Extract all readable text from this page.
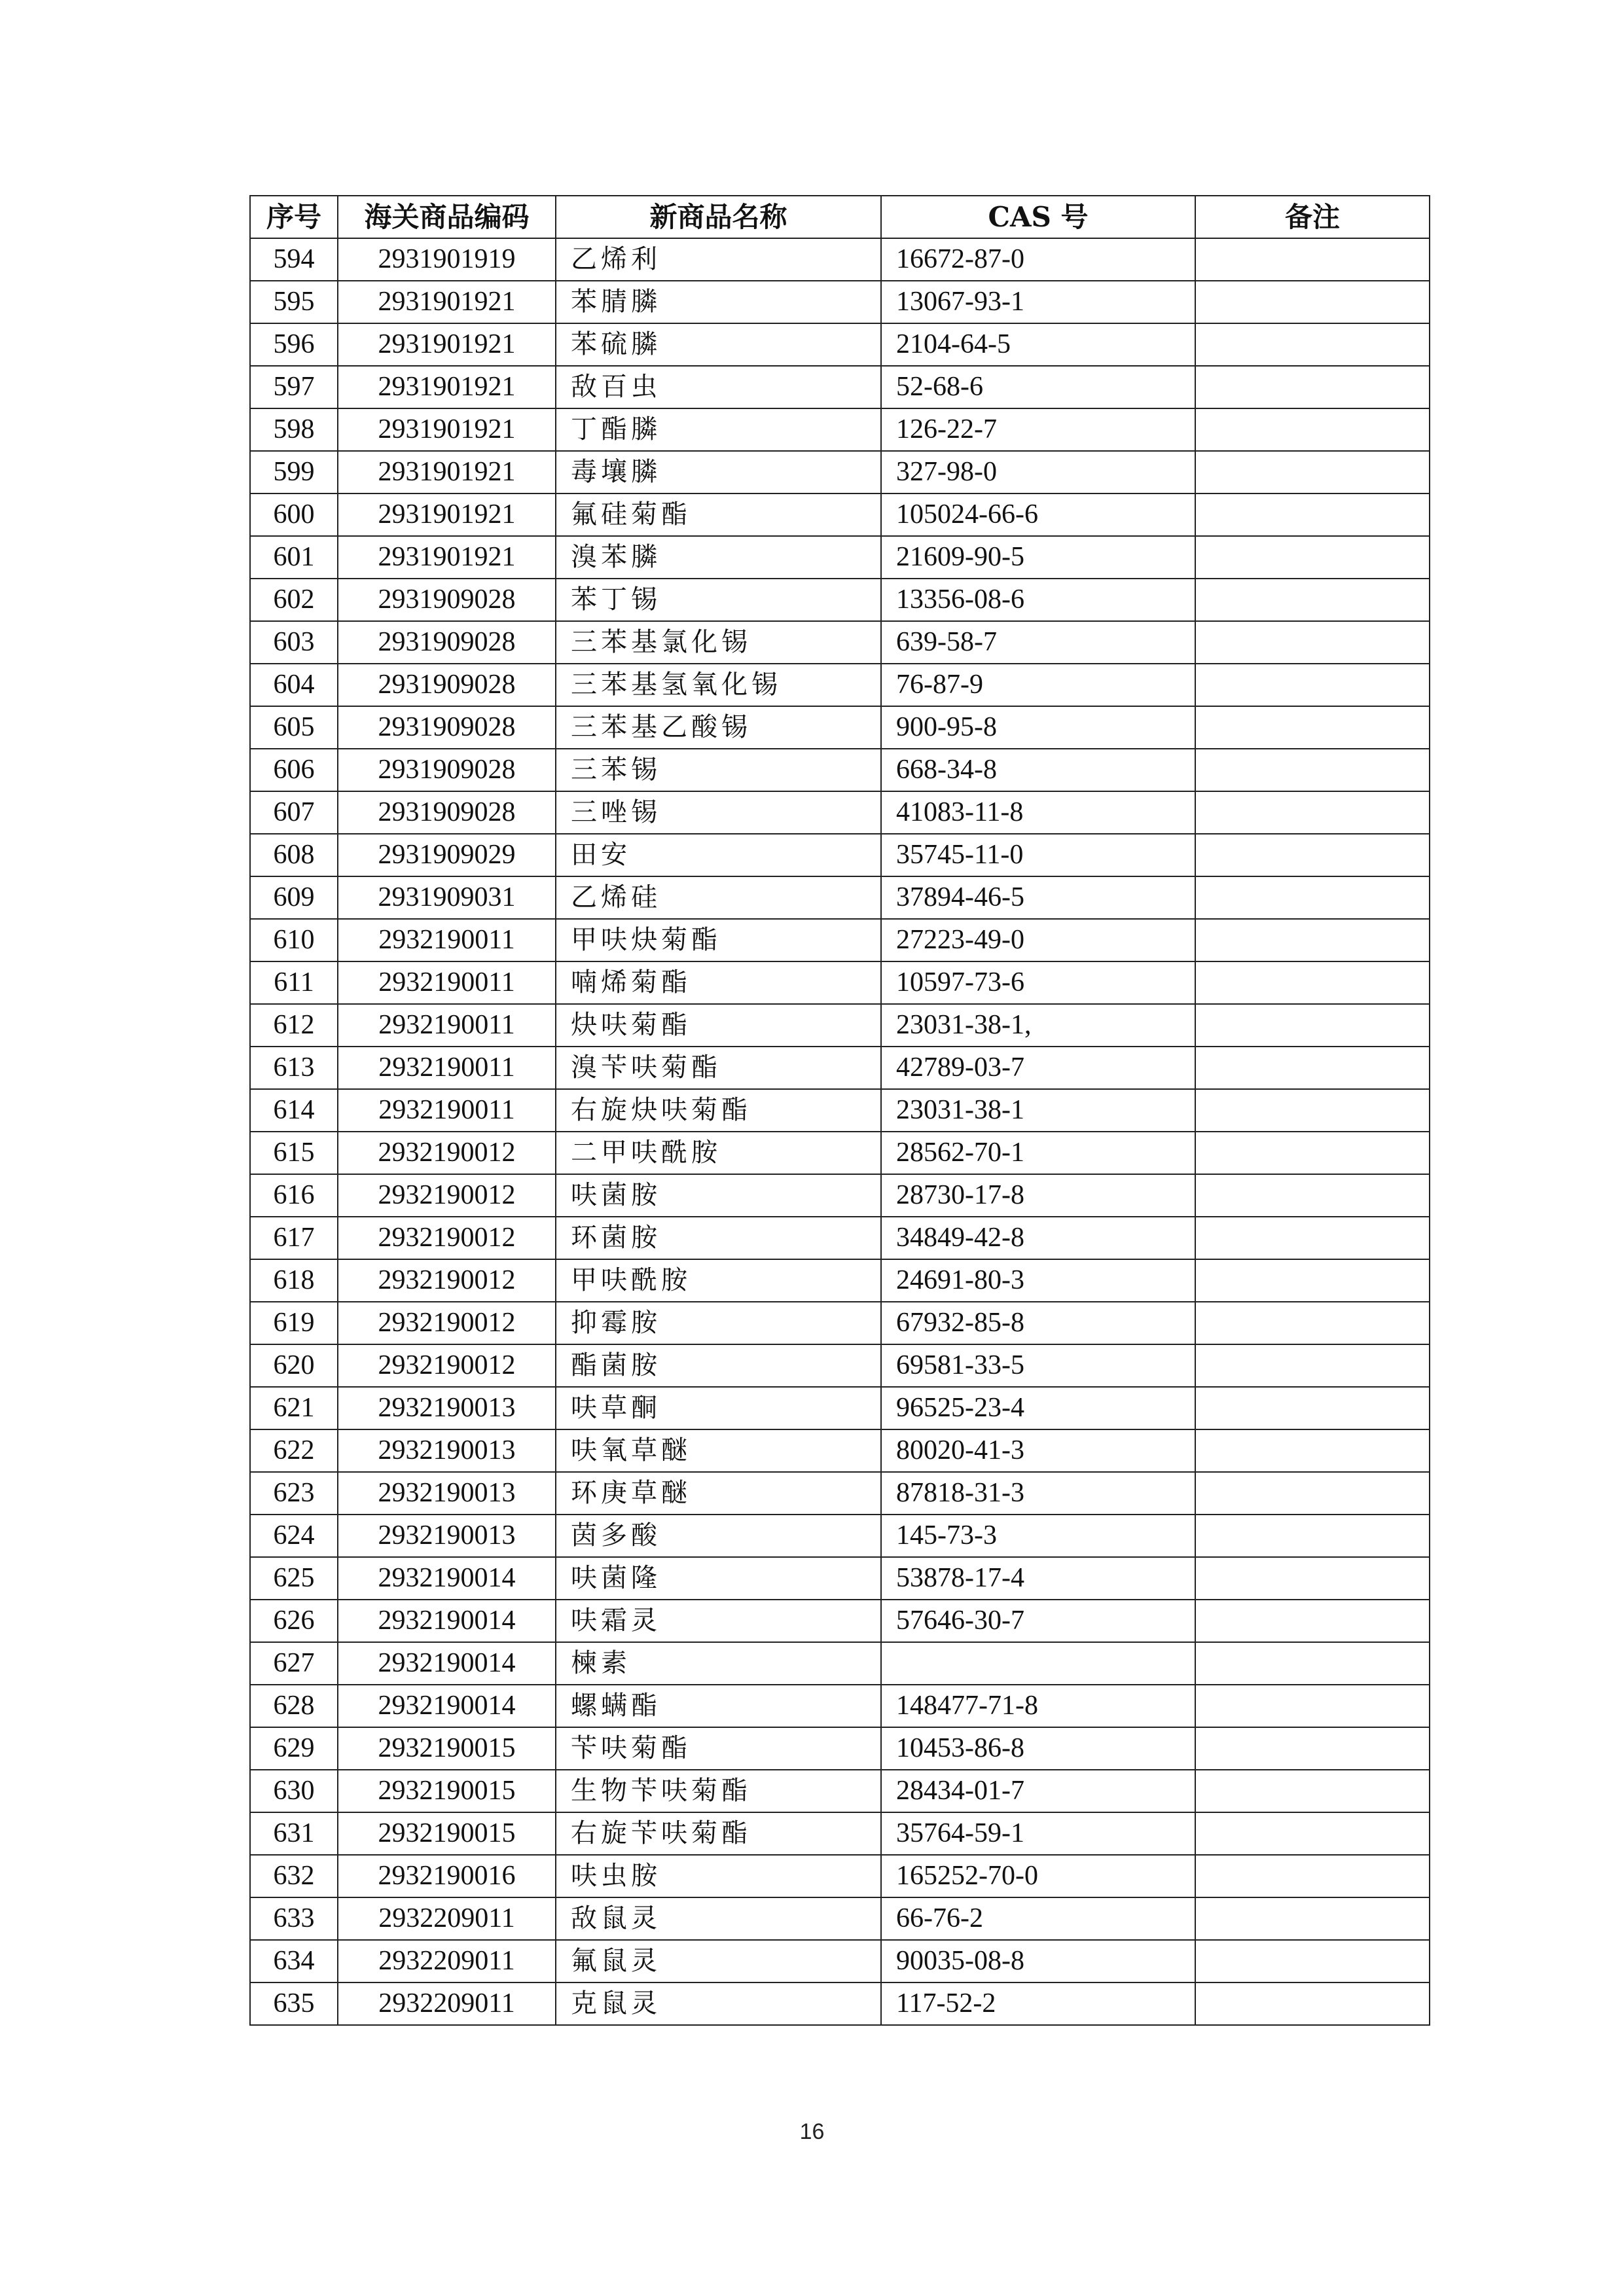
序号	海关商品编码	新商品名称	CAS 号	备注
594	2931901919	乙烯利	16672-87-0	
595	2931901921	苯腈膦	13067-93-1	
596	2931901921	苯硫膦	2104-64-5	
597	2931901921	敌百虫	52-68-6	
598	2931901921	丁酯膦	126-22-7	
599	2931901921	毒壤膦	327-98-0	
600	2931901921	氟硅菊酯	105024-66-6	
601	2931901921	溴苯膦	21609-90-5	
602	2931909028	苯丁锡	13356-08-6	
603	2931909028	三苯基氯化锡	639-58-7	
604	2931909028	三苯基氢氧化锡	76-87-9	
605	2931909028	三苯基乙酸锡	900-95-8	
606	2931909028	三苯锡	668-34-8	
607	2931909028	三唑锡	41083-11-8	
608	2931909029	田安	35745-11-0	
609	2931909031	乙烯硅	37894-46-5	
610	2932190011	甲呋炔菊酯	27223-49-0	
611	2932190011	喃烯菊酯	10597-73-6	
612	2932190011	炔呋菊酯	23031-38-1,	
613	2932190011	溴苄呋菊酯	42789-03-7	
614	2932190011	右旋炔呋菊酯	23031-38-1	
615	2932190012	二甲呋酰胺	28562-70-1	
616	2932190012	呋菌胺	28730-17-8	
617	2932190012	环菌胺	34849-42-8	
618	2932190012	甲呋酰胺	24691-80-3	
619	2932190012	抑霉胺	67932-85-8	
620	2932190012	酯菌胺	69581-33-5	
621	2932190013	呋草酮	96525-23-4	
622	2932190013	呋氧草醚	80020-41-3	
623	2932190013	环庚草醚	87818-31-3	
624	2932190013	茵多酸	145-73-3	
625	2932190014	呋菌隆	53878-17-4	
626	2932190014	呋霜灵	57646-30-7	
627	2932190014	楝素		
628	2932190014	螺螨酯	148477-71-8	
629	2932190015	苄呋菊酯	10453-86-8	
630	2932190015	生物苄呋菊酯	28434-01-7	
631	2932190015	右旋苄呋菊酯	35764-59-1	
632	2932190016	呋虫胺	165252-70-0	
633	2932209011	敌鼠灵	66-76-2	
634	2932209011	氟鼠灵	90035-08-8	
635	2932209011	克鼠灵	117-52-2	
16
